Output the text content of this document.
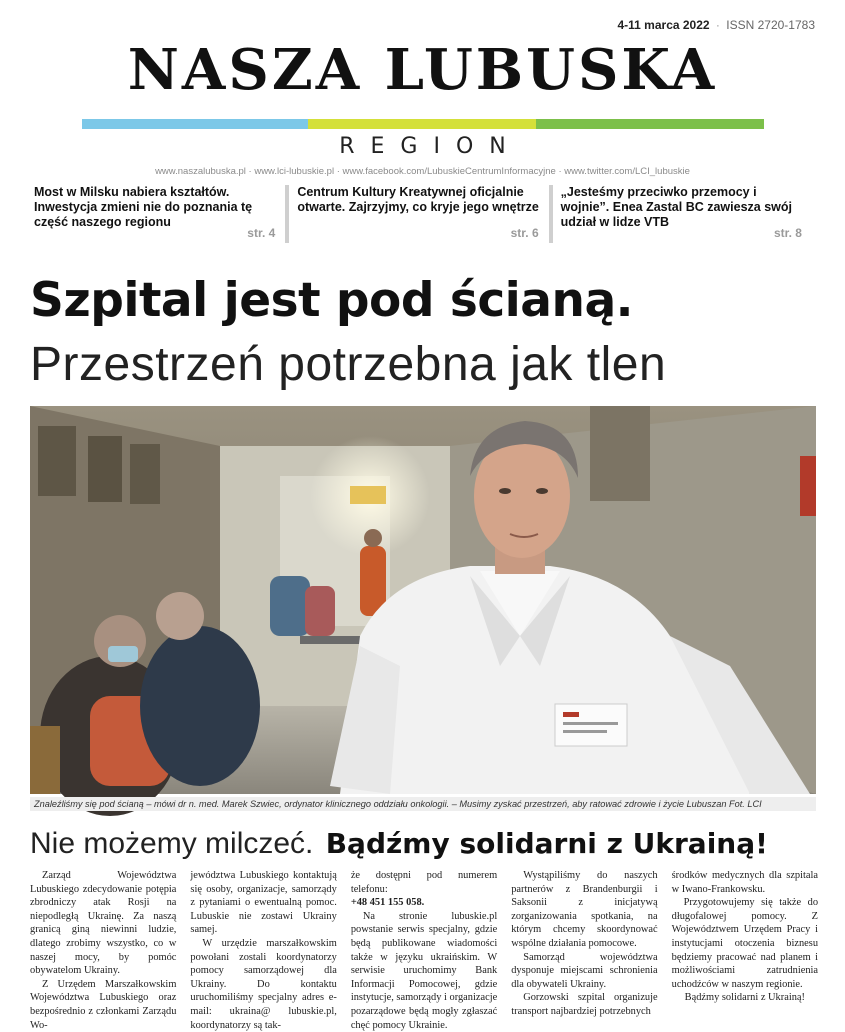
4-11 marca 2022 · ISSN 2720-1783
NASZA LUBUSKA
REGION
www.naszalubuska.pl · www.lci-lubuskie.pl · www.facebook.com/LubuskieCentrumInformacyjne · www.twitter.com/LCI_lubuskie
Most w Milsku nabiera kształtów. Inwestycja zmieni nie do poznania tę część naszego regionu
str. 4
Centrum Kultury Kreatywnej oficjalnie otwarte. Zajrzyjmy, co kryje jego wnętrze
str. 6
„Jesteśmy przeciwko przemocy i wojnie”. Enea Zastal BC zawiesza swój udział w lidze VTB
str. 8
Szpital jest pod ścianą.
Przestrzeń potrzebna jak tlen
Znaleźliśmy się pod ścianą – mówi dr n. med. Marek Szwiec, ordynator klinicznego oddziału onkologii. – Musimy zyskać przestrzeń, aby ratować zdrowie i życie Lubuszan Fot. LCI
Nie możemy milczeć. Bądźmy solidarni z Ukrainą!

Zarząd Województwa Lubuskiego zdecydowanie potępia zbrodniczy atak Rosji na niepodległą Ukrainę. Za naszą granicą giną niewinni ludzie, dlatego zrobimy wszystko, co w naszej mocy, by pomóc obywatelom Ukrainy.

Z Urzędem Marszałkowskim Województwa Lubuskiego oraz bezpośrednio z członkami Zarządu Wo-

jewództwa Lubuskiego kontaktują się osoby, organizacje, samorządy z pytaniami o ewentualną pomoc. Lubuskie nie zostawi Ukrainy samej.

W urzędzie marszałkowskim powołani zostali koordynatorzy pomocy samorządowej dla Ukrainy. Do kontaktu uruchomiliśmy specjalny adres e-mail: ukraina@ lubuskie.pl, koordynatorzy są tak-

że dostępni pod numerem telefonu:

+48 451 155 058.

Na stronie lubuskie.pl powstanie serwis specjalny, gdzie będą publikowane wiadomości także w języku ukraińskim. W serwisie uruchomimy Bank Informacji Pomocowej, gdzie instytucje, samorządy i organizacje pozarządowe będą mogły zgłaszać chęć pomocy Ukrainie.

Wystąpiliśmy do naszych partnerów z Brandenburgii i Saksonii z inicjatywą zorganizowania spotkania, na którym chcemy skoordynować wspólne działania pomocowe.

Samorząd województwa dysponuje miejscami schronienia dla obywateli Ukrainy.

Gorzowski szpital organizuje transport najbardziej potrzebnych

środków medycznych dla szpitala w Iwano-Frankowsku.

Przygotowujemy się także do długofalowej pomocy. Z Województwem Urzędem Pracy i instytucjami otoczenia biznesu będziemy pracować nad planem i możliwościami zatrudnienia uchodźców w naszym regionie.

Bądźmy solidarni z Ukrainą!
